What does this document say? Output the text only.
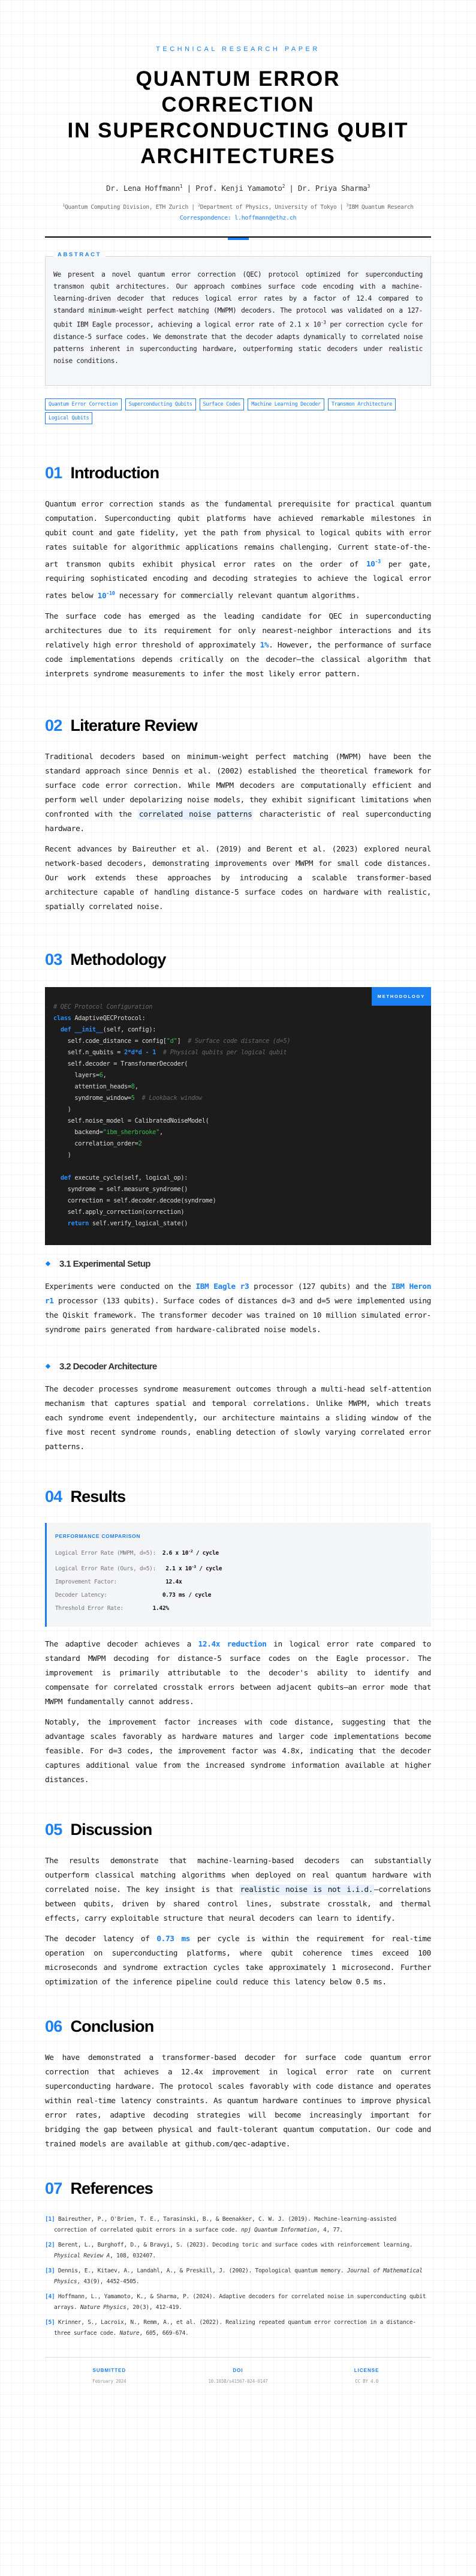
TECHNICAL RESEARCH PAPER
QUANTUM ERROR
CORRECTION
IN SUPERCONDUCTING QUBIT
ARCHITECTURES
Dr. Lena Hoffmann$^1$ | Prof. Kenji Yamamoto$^2$ | Dr. Priya Sharma$^3$
$^1$Quantum Computing Division, ETH Zurich | $^2$Department of Physics, University of Tokyo | $^3$IBM Quantum Research
Correspondence: l.hoffmann@ethz.ch
ABSTRACT

We present a novel quantum error correction (QEC) protocol optimized for superconducting transmon qubit architectures. Our approach combines surface code encoding with a machine-learning-driven decoder that reduces logical error rates by a factor of 12.4 compared to standard minimum-weight perfect matching (MWPM) decoders. The protocol was validated on a 127-qubit IBM Eagle processor, achieving a logical error rate of 2.1 x $10^{-3}$ per correction cycle for distance-5 surface codes. We demonstrate that the decoder adapts dynamically to correlated noise patterns inherent in superconducting hardware, outperforming static decoders under realistic noise conditions.

Quantum Error Correction	Superconducting Qubits	Surface Codes	Machine Learning Decoder	Transmon Architecture
Logical Qubits
01 Introduction

Quantum error correction stands as the fundamental prerequisite for practical quantum computation. Superconducting qubit platforms have achieved remarkable milestones in qubit count and gate fidelity, yet the path from physical to logical qubits with error rates suitable for algorithmic applications remains challenging. Current state-of-the-art transmon qubits exhibit physical error rates on the order of $10^{-3}$ per gate, requiring sophisticated encoding and decoding strategies to achieve the logical error rates below $10^{-10}$ necessary for commercially relevant quantum algorithms.

The surface code has emerged as the leading candidate for QEC in superconducting architectures due to its requirement for only nearest-neighbor interactions and its relatively high error threshold of approximately 1%. However, the performance of surface code implementations depends critically on the decoder—the classical algorithm that interprets syndrome measurements to infer the most likely error pattern.

02 Literature Review

Traditional decoders based on minimum-weight perfect matching (MWPM) have been the standard approach since Dennis et al. (2002) established the theoretical framework for surface code error correction. While MWPM decoders are computationally efficient and perform well under depolarizing noise models, they exhibit significant limitations when confronted with the correlated noise patterns characteristic of real superconducting hardware.

Recent advances by Baireuther et al. (2019) and Berent et al. (2023) explored neural network-based decoders, demonstrating improvements over MWPM for small code distances. Our work extends these approaches by introducing a scalable transformer-based architecture capable of handling distance-5 surface codes on hardware with realistic, spatially correlated noise.

03 Methodology
METHODOLOGY
# QEC Protocol Configuration
class AdaptiveQECProtocol:
def __init__(self, config):
self.code_distance = config["d"]  # Surface code distance (d=5)
self.n_qubits = 2*d*d - 1 # Physical qubits per logical qubit
self.decoder = TransformerDecoder(
layers=6,
attention_heads=8,
syndrome_window=5 # Lookback window
)
self.noise_model = CalibratedNoiseModel(
backend="ibm_sherbrooke",
correlation_order=2
)
def execute_cycle(self, logical_op):
syndrome = self.measure_syndrome()
correction = self.decoder.decode(syndrome)
self.apply_correction(correction)
return self.verify_logical_state()
3.1 Experimental Setup

Experiments were conducted on the IBM Eagle r3 processor (127 qubits) and the IBM Heron r1 processor (133 qubits). Surface codes of distances d=3 and d=5 were implemented using the Qiskit framework. The transformer decoder was trained on 10 million simulated error-syndrome pairs generated from hardware-calibrated noise models.

3.2 Decoder Architecture

The decoder processes syndrome measurement outcomes through a multi-head self-attention mechanism that captures spatial and temporal correlations. Unlike MWPM, which treats each syndrome event independently, our architecture maintains a sliding window of the five most recent syndrome rounds, enabling detection of slowly varying correlated error patterns.

04 Results
PERFORMANCE COMPARISON
Logical Error Rate (MWPM, d=5):  2.6 x $10^{-2}$ / cycle
Logical Error Rate (Ours, d=5):   2.1 x $10^{-3}$ / cycle
Improvement Factor:               12.4x
Decoder Latency:                 0.73 ms / cycle
Threshold Error Rate:         1.42%

The adaptive decoder achieves a 12.4x reduction in logical error rate compared to standard MWPM decoding for distance-5 surface codes on the Eagle processor. The improvement is primarily attributable to the decoder's ability to identify and compensate for correlated crosstalk errors between adjacent qubits—an error mode that MWPM fundamentally cannot address.

Notably, the improvement factor increases with code distance, suggesting that the advantage scales favorably as hardware matures and larger code implementations become feasible. For d=3 codes, the improvement factor was 4.8x, indicating that the decoder captures additional value from the increased syndrome information available at higher distances.

05 Discussion

The results demonstrate that machine-learning-based decoders can substantially outperform classical matching algorithms when deployed on real quantum hardware with correlated noise. The key insight is that realistic noise is not i.i.d. —correlations between qubits, driven by shared control lines, substrate crosstalk, and thermal effects, carry exploitable structure that neural decoders can learn to identify.

The decoder latency of 0.73 ms per cycle is within the requirement for real-time operation on superconducting platforms, where qubit coherence times exceed 100 microseconds and syndrome extraction cycles take approximately 1 microsecond. Further optimization of the inference pipeline could reduce this latency below 0.5 ms.

06 Conclusion

We have demonstrated a transformer-based decoder for surface code quantum error correction that achieves a 12.4x improvement in logical error rate on current superconducting hardware. The protocol scales favorably with code distance and operates within real-time latency constraints. As quantum hardware continues to improve physical error rates, adaptive decoding strategies will become increasingly important for bridging the gap between physical and fault-tolerant quantum computation. Our code and trained models are available at github.com/qec-adaptive.

07 References
[1] Baireuther, P., O'Brien, T. E., Tarasinski, B., & Beenakker, C. W. J. (2019). Machine-learning-assisted correction of correlated qubit errors in a surface code. npj Quantum Information, 4, 77.
[2] Berent, L., Burghoff, D., & Bravyi, S. (2023). Decoding toric and surface codes with reinforcement learning. Physical Review A, 108, 032407.
[3] Dennis, E., Kitaev, A., Landahl, A., & Preskill, J. (2002). Topological quantum memory. Journal of Mathematical Physics, 43(9), 4452-4505.
[4] Hoffmann, L., Yamamoto, K., & Sharma, P. (2024). Adaptive decoders for correlated noise in superconducting qubit arrays. Nature Physics, 20(3), 412-419.
[5] Krinner, S., Lacroix, N., Remm, A., et al. (2022). Realizing repeated quantum error correction in a distance-three surface code. Nature, 605, 669-674.
SUBMITTED
February 2024
DOI
10.1038/s41567-024-0147
LICENSE
CC BY 4.0
